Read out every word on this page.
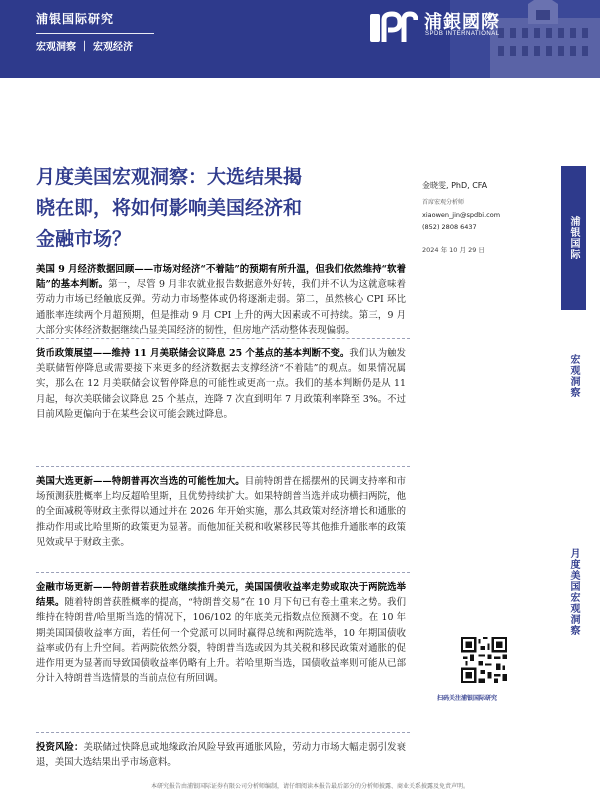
浦银国际研究
宏观洞察 ｜ 宏观经济
浦銀國際
SPDB INTERNATIONAL
月度美国宏观洞察：大选结果揭
晓在即，将如何影响美国经济和
金融市场？
金晓雯, PhD, CFA
首席宏观分析师
xiaowen_jin@spdbi.com
(852) 2808 6437
2024 年 10 月 29 日	浦银国际
宏观洞察
月度美国宏观洞察
美国 9 月经济数据回顾——市场对经济“不着陆”的预期有所升温，但我们依然维持“软着陆”的基本判断。第一，尽管 9 月非农就业报告数据意外好转，我们并不认为这就意味着劳动力市场已经触底反弹。劳动力市场整体或仍将逐渐走弱。第二，虽然核心 CPI 环比通胀率连续两个月超预期，但是推动 9 月 CPI 上升的两大因素或不可持续。第三，9 月大部分实体经济数据继续凸显美国经济的韧性，但房地产活动整体表现偏弱。
货币政策展望——维持 11 月美联储会议降息 25 个基点的基本判断不变。我们认为触发美联储暂停降息或需要接下来更多的经济数据去支撑经济“不着陆”的观点。如果情况属实，那么在 12 月美联储会议暂停降息的可能性或更高一点。我们的基本判断仍是从 11 月起，每次美联储会议降息 25 个基点，连降 7 次直到明年 7 月政策利率降至 3%。不过目前风险更偏向于在某些会议可能会跳过降息。
美国大选更新——特朗普再次当选的可能性加大。目前特朗普在摇摆州的民调支持率和市场预测获胜概率上均反超哈里斯，且优势持续扩大。如果特朗普当选并成功横扫两院，他的全面减税等财政主张得以通过并在 2026 年开始实施，那么其政策对经济增长和通胀的推动作用或比哈里斯的政策更为显著。而他加征关税和收紧移民等其他推升通胀率的政策见效或早于财政主张。
金融市场更新——特朗普若获胜或继续推升美元，美国国债收益率走势或取决于两院选举结果。随着特朗普获胜概率的提高，“特朗普交易”在 10 月下旬已有卷土重来之势。我们维持在特朗普/哈里斯当选的情况下，106/102 的年底美元指数点位预测不变。在 10 年期美国国债收益率方面，若任何一个党派可以同时赢得总统和两院选举，10 年期国债收益率或仍有上升空间。若两院依然分裂，特朗普当选或因为其关税和移民政策对通胀的促进作用更为显著而导致国债收益率仍略有上升。若哈里斯当选，国债收益率则可能从已部分计入特朗普当选情景的当前点位有所回调。
投资风险：美联储过快降息或地缘政治风险导致再通胀风险，劳动力市场大幅走弱引发衰退，美国大选结果出乎市场意料。
扫码关注浦银国际研究
本研究报告由浦银国际证券有限公司分析师编制，请仔细阅读本报告最后部分的分析师披露、商业关系披露及免责声明。
